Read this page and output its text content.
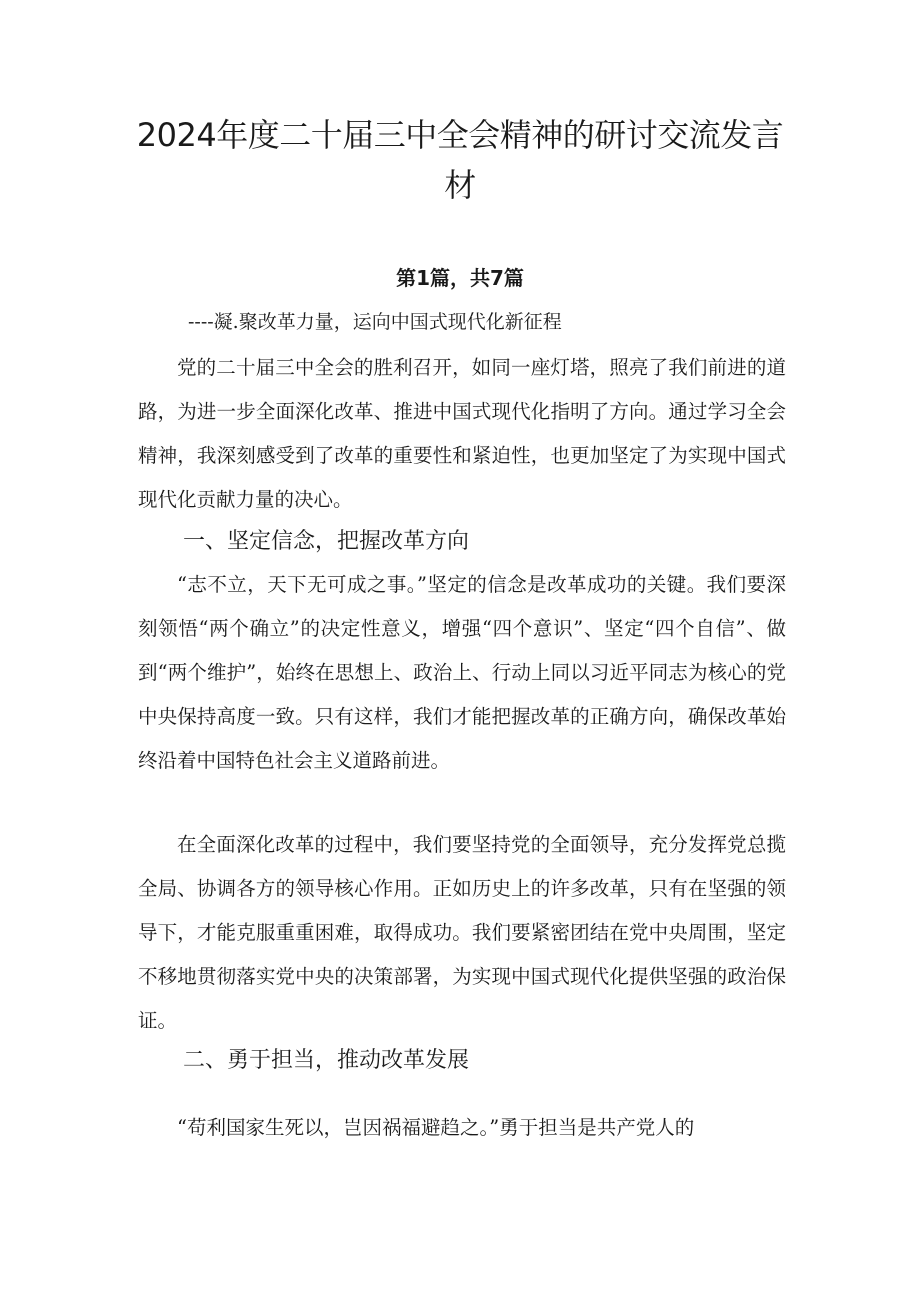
2024年度二十届三中全会精神的研讨交流发言材
第1篇，共7篇
----凝.聚改革力量，运向中国式现代化新征程
党的二十届三中全会的胜利召开，如同一座灯塔，照亮了我们前进的道路，为进一步全面深化改革、推进中国式现代化指明了方向。通过学习全会精神，我深刻感受到了改革的重要性和紧迫性，也更加坚定了为实现中国式现代化贡献力量的决心。
一、坚定信念，把握改革方向
“志不立，天下无可成之事。”坚定的信念是改革成功的关键。我们要深刻领悟“两个确立”的决定性意义，增强“四个意识”、坚定“四个自信”、做到“两个维护”，始终在思想上、政治上、行动上同以习近平同志为核心的党中央保持高度一致。只有这样，我们才能把握改革的正确方向，确保改革始终沿着中国特色社会主义道路前进。
在全面深化改革的过程中，我们要坚持党的全面领导，充分发挥党总揽全局、协调各方的领导核心作用。正如历史上的许多改革，只有在坚强的领导下，才能克服重重困难，取得成功。我们要紧密团结在党中央周围，坚定不移地贯彻落实党中央的决策部署，为实现中国式现代化提供坚强的政治保证。
二、勇于担当，推动改革发展
“苟利国家生死以，岂因祸福避趋之。”勇于担当是共产党人的
